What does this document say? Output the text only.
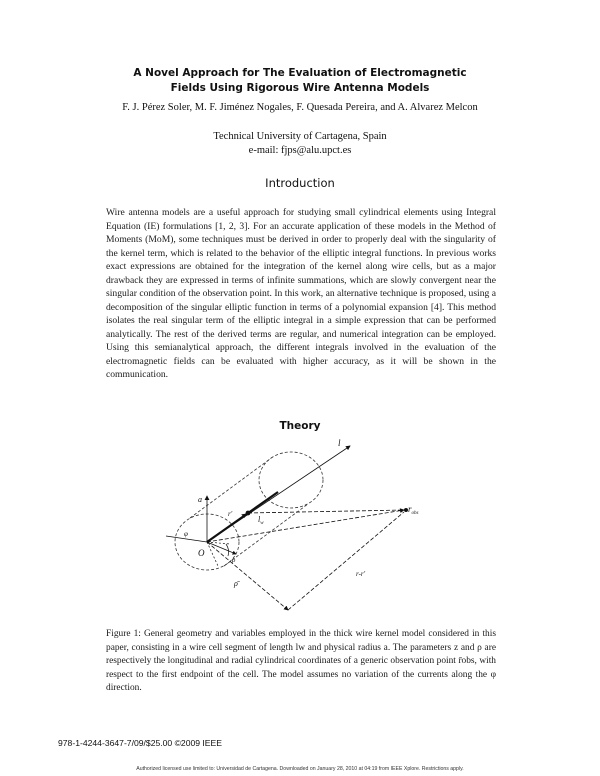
A Novel Approach for The Evaluation of Electromagnetic
Fields Using Rigorous Wire Antenna Models
F. J. Pérez Soler, M. F. Jiménez Nogales, F. Quesada Pereira, and A. Alvarez Melcon
Technical University of Cartagena, Spain
e-mail: fjps@alu.upct.es
Introduction

Wire antenna models are a useful approach for studying small cylindrical elements using Integral Equation (IE) formulations [1, 2, 3]. For an accurate application of these models in the Method of Moments (MoM), some techniques must be derived in order to properly deal with the singularity of the kernel term, which is related to the behavior of the elliptic integral functions. In previous works exact expressions are obtained for the integration of the kernel along wire cells, but as a major drawback they are expressed in terms of infinite summations, which are slowly convergent near the singular condition of the observation point. In this work, an alternative technique is proposed, using a decomposition of the singular elliptic function in terms of a polynomial expansion [4]. This method isolates the real singular term of the elliptic integral in a simple expression that can be performed analytically. The rest of the derived terms are regular, and numerical integration can be employed. Using this semianalytical approach, the different integrals involved in the evaluation of the electromagnetic fields can be evaluated with higher accuracy, as it will be shown in the communication.

Theory
l
a
$l_w$
r'
O
φ
ρ
ρ̄
$r_{obs}$
r-r'

Figure 1: General geometry and variables employed in the thick wire kernel model considered in this paper, consisting in a wire cell segment of length lw and physical radius a. The parameters z and ρ are respectively the longitudinal and radial cylindrical coordinates of a generic observation point r̄obs, with respect to the first endpoint of the cell. The model assumes no variation of the currents along the φ direction.

978-1-4244-3647-7/09/$25.00 ©2009 IEEE
Authorized licensed use limited to: Universidad de Cartagena. Downloaded on January 28, 2010 at 04:19 from IEEE Xplore. Restrictions apply.
